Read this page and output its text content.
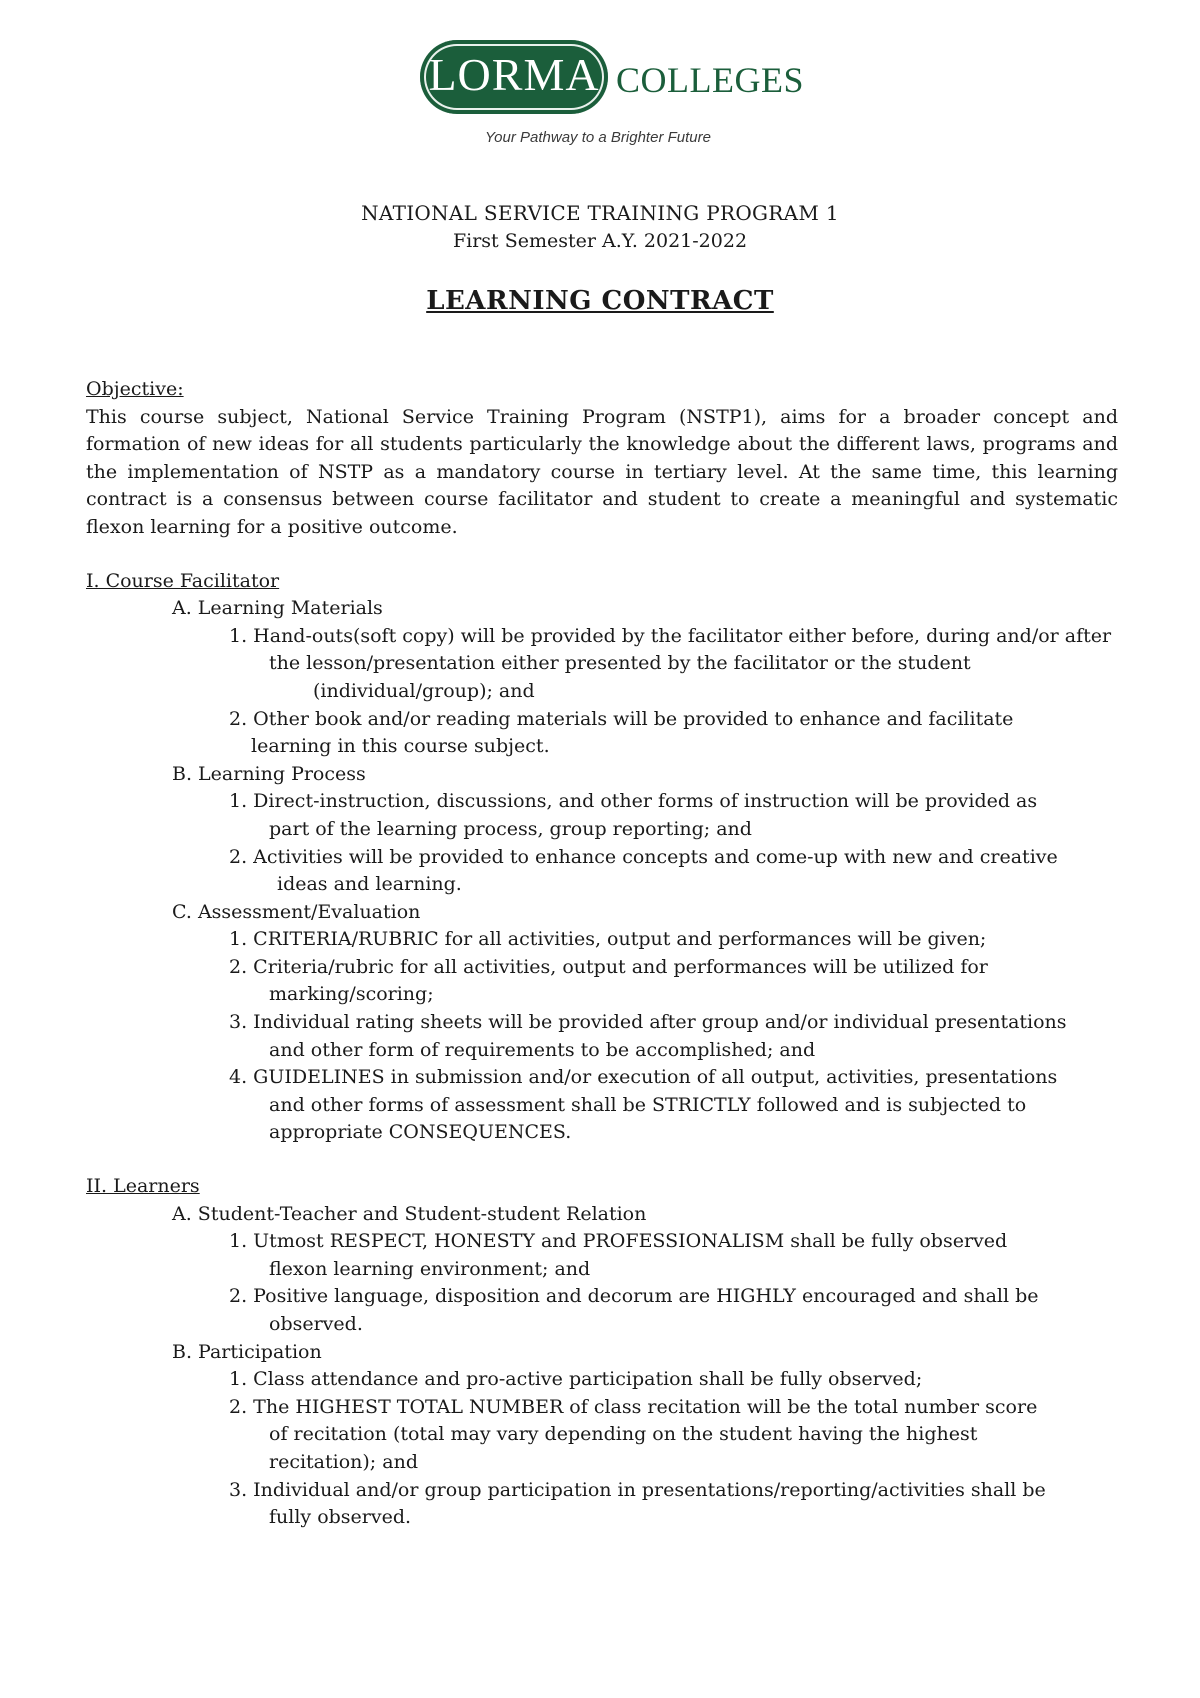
LORMA COLLEGES
Your Pathway to a Brighter Future
NATIONAL SERVICE TRAINING PROGRAM 1
First Semester A.Y. 2021-2022
LEARNING CONTRACT
Objective:

This course subject, National Service Training Program (NSTP1), aims for a broader concept and formation of new ideas for all students particularly the knowledge about the different laws, programs and the implementation of NSTP as a mandatory course in tertiary level. At the same time, this learning contract is a consensus between course facilitator and student to create a meaningful and systematic flexon learning for a positive outcome.

I. Course Facilitator
A. Learning Materials
1. Hand-outs(soft copy) will be provided by the facilitator either before, during and/or after
the lesson/presentation either presented by the facilitator or the student
(individual/group); and
2. Other book and/or reading materials will be provided to enhance and facilitate
learning in this course subject.
B. Learning Process
1. Direct-instruction, discussions, and other forms of instruction will be provided as
part of the learning process, group reporting; and
2. Activities will be provided to enhance concepts and come-up with new and creative
ideas and learning.
C. Assessment/Evaluation
1. CRITERIA/RUBRIC for all activities, output and performances will be given;
2. Criteria/rubric for all activities, output and performances will be utilized for
marking/scoring;
3. Individual rating sheets will be provided after group and/or individual presentations
and other form of requirements to be accomplished; and
4. GUIDELINES in submission and/or execution of all output, activities, presentations
and other forms of assessment shall be STRICTLY followed and is subjected to
appropriate CONSEQUENCES.
II. Learners
A. Student-Teacher and Student-student Relation
1. Utmost RESPECT, HONESTY and PROFESSIONALISM shall be fully observed
flexon learning environment; and
2. Positive language, disposition and decorum are HIGHLY encouraged and shall be
observed.
B. Participation
1. Class attendance and pro-active participation shall be fully observed;
2. The HIGHEST TOTAL NUMBER of class recitation will be the total number score
of recitation (total may vary depending on the student having the highest
recitation); and
3. Individual and/or group participation in presentations/reporting/activities shall be
fully observed.
